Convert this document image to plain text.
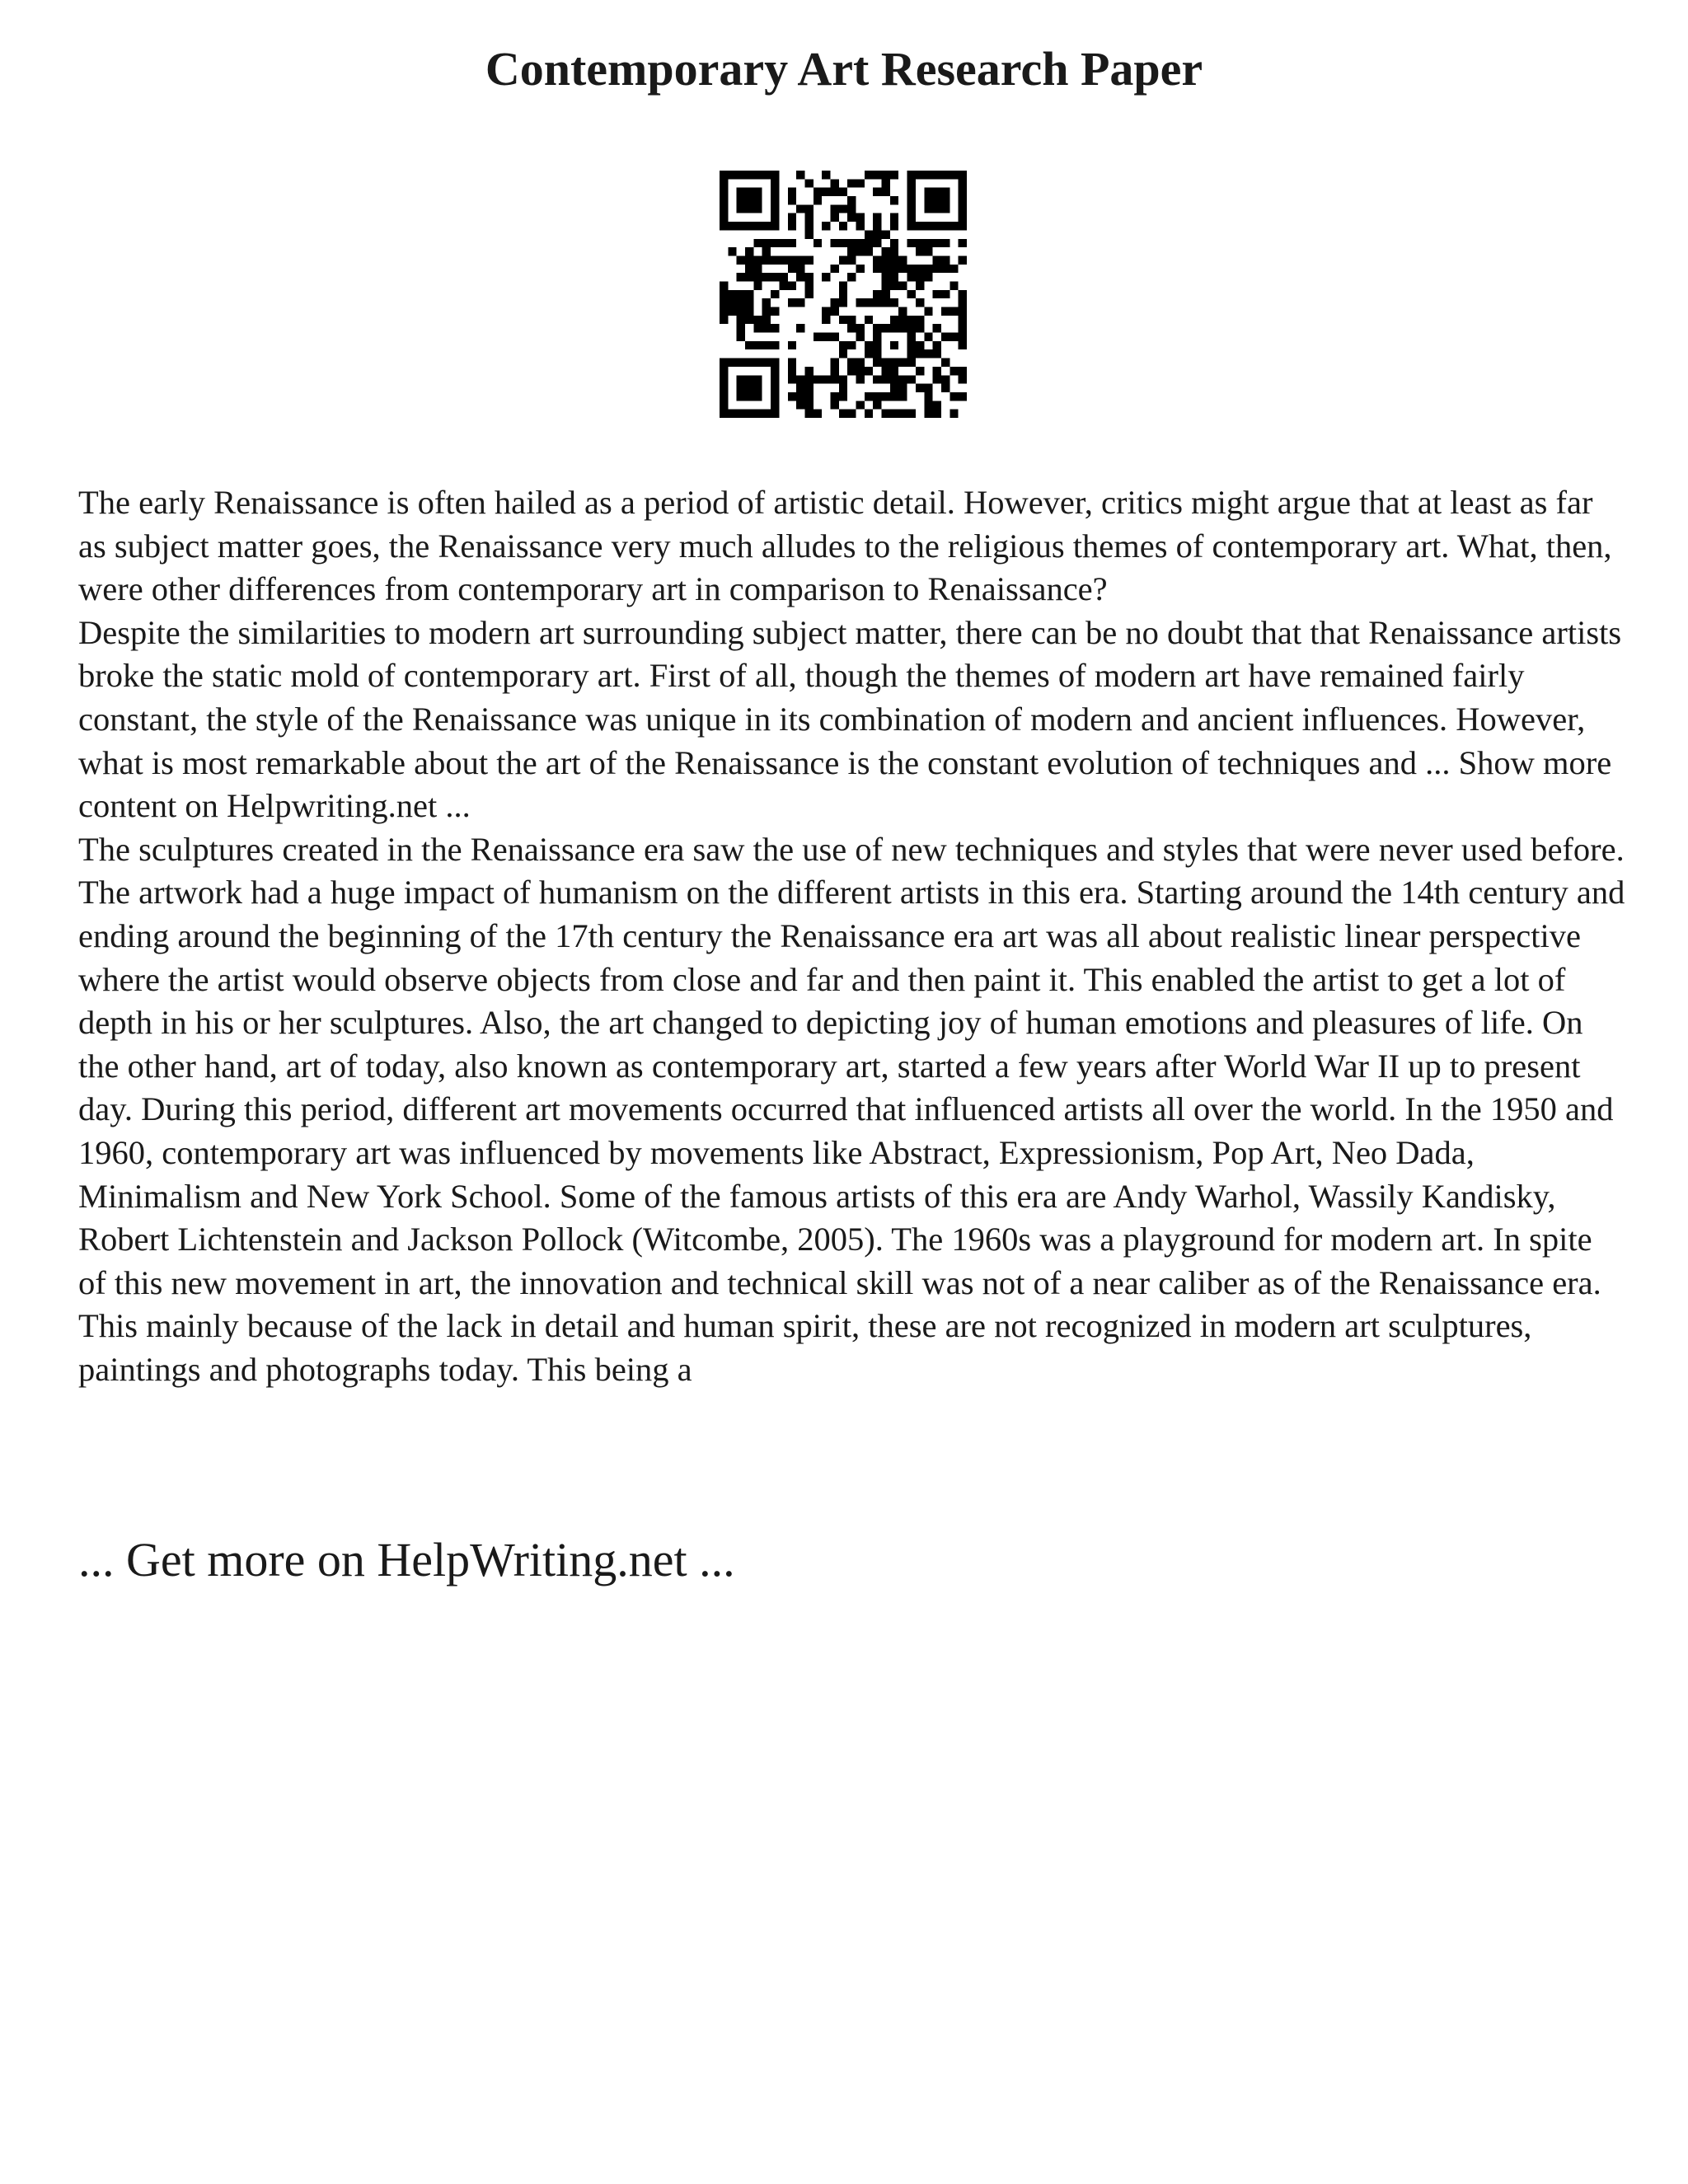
Contemporary Art Research Paper

The early Renaissance is often hailed as a period of artistic detail. However, critics might argue that at least as far as subject matter goes, the Renaissance very much alludes to the religious themes of contemporary art. What, then, were other differences from contemporary art in comparison to Renaissance?

Despite the similarities to modern art surrounding subject matter, there can be no doubt that that Renaissance artists broke the static mold of contemporary art. First of all, though the themes of modern art have remained fairly constant, the style of the Renaissance was unique in its combination of modern and ancient influences. However, what is most remarkable about the art of the Renaissance is the constant evolution of techniques and ... Show more content on Helpwriting.net ...

The sculptures created in the Renaissance era saw the use of new techniques and styles that were never used before. The artwork had a huge impact of humanism on the different artists in this era. Starting around the 14th century and ending around the beginning of the 17th century the Renaissance era art was all about realistic linear perspective where the artist would observe objects from close and far and then paint it. This enabled the artist to get a lot of depth in his or her sculptures. Also, the art changed to depicting joy of human emotions and pleasures of life. On the other hand, art of today, also known as contemporary art, started a few years after World War II up to present day. During this period, different art movements occurred that influenced artists all over the world. In the 1950 and 1960, contemporary art was influenced by movements like Abstract, Expressionism, Pop Art, Neo Dada, Minimalism and New York School. Some of the famous artists of this era are Andy Warhol, Wassily Kandisky, Robert Lichtenstein and Jackson Pollock (Witcombe, 2005). The 1960s was a playground for modern art. In spite of this new movement in art, the innovation and technical skill was not of a near caliber as of the Renaissance era. This mainly because of the lack in detail and human spirit, these are not recognized in modern art sculptures, paintings and photographs today. This being a

... Get more on HelpWriting.net ...
